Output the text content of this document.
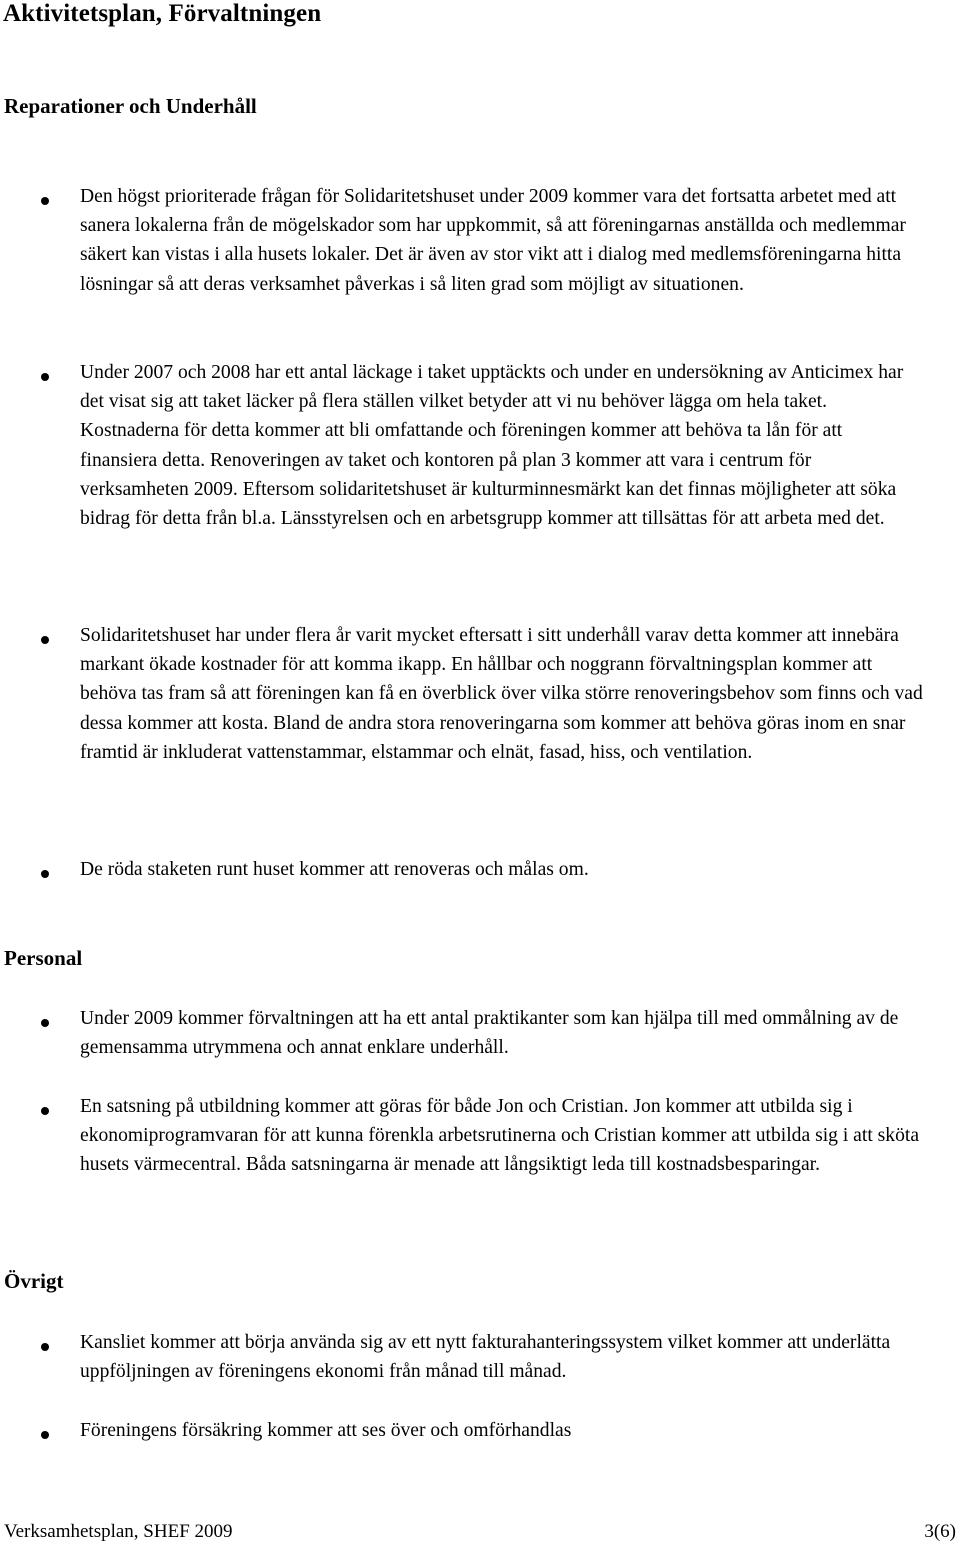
Aktivitetsplan, Förvaltningen
Reparationer och Underhåll

Den högst prioriterade frågan för Solidaritetshuset under 2009 kommer vara det fortsatta arbetet med att sanera lokalerna från de mögelskador som har uppkommit, så att föreningarnas anställda och medlemmar säkert kan vistas i alla husets lokaler. Det är även av stor vikt att i dialog med medlemsföreningarna hitta lösningar så att deras verksamhet påverkas i så liten grad som möjligt av situationen.

Under 2007 och 2008 har ett antal läckage i taket upptäckts och under en undersökning av Anticimex har det visat sig att taket läcker på flera ställen vilket betyder att vi nu behöver lägga om hela taket. Kostnaderna för detta kommer att bli omfattande och föreningen kommer att behöva ta lån för att finansiera detta. Renoveringen av taket och kontoren på plan 3 kommer att vara i centrum för verksamheten 2009. Eftersom solidaritetshuset är kulturminnesmärkt kan det finnas möjligheter att söka bidrag för detta från bl.a. Länsstyrelsen och en arbetsgrupp kommer att tillsättas för att arbeta med det.

Solidaritetshuset har under flera år varit mycket eftersatt i sitt underhåll varav detta kommer att innebära markant ökade kostnader för att komma ikapp. En hållbar och noggrann förvaltningsplan kommer att behöva tas fram så att föreningen kan få en överblick över vilka större renoveringsbehov som finns och vad dessa kommer att kosta. Bland de andra stora renoveringarna som kommer att behöva göras inom en snar framtid är inkluderat vattenstammar, elstammar och elnät, fasad, hiss, och ventilation.

De röda staketen runt huset kommer att renoveras och målas om.

Personal

Under 2009 kommer förvaltningen att ha ett antal praktikanter som kan hjälpa till med ommålning av de gemensamma utrymmena och annat enklare underhåll.

En satsning på utbildning kommer att göras för både Jon och Cristian. Jon kommer att utbilda sig i ekonomiprogramvaran för att kunna förenkla arbetsrutinerna och Cristian kommer att utbilda sig i att sköta husets värmecentral. Båda satsningarna är menade att långsiktigt leda till kostnadsbesparingar.

Övrigt

Kansliet kommer att börja använda sig av ett nytt fakturahanteringssystem vilket kommer att underlätta uppföljningen av föreningens ekonomi från månad till månad.

Föreningens försäkring kommer att ses över och omförhandlas

Verksamhetsplan, SHEF 2009	3(6)
